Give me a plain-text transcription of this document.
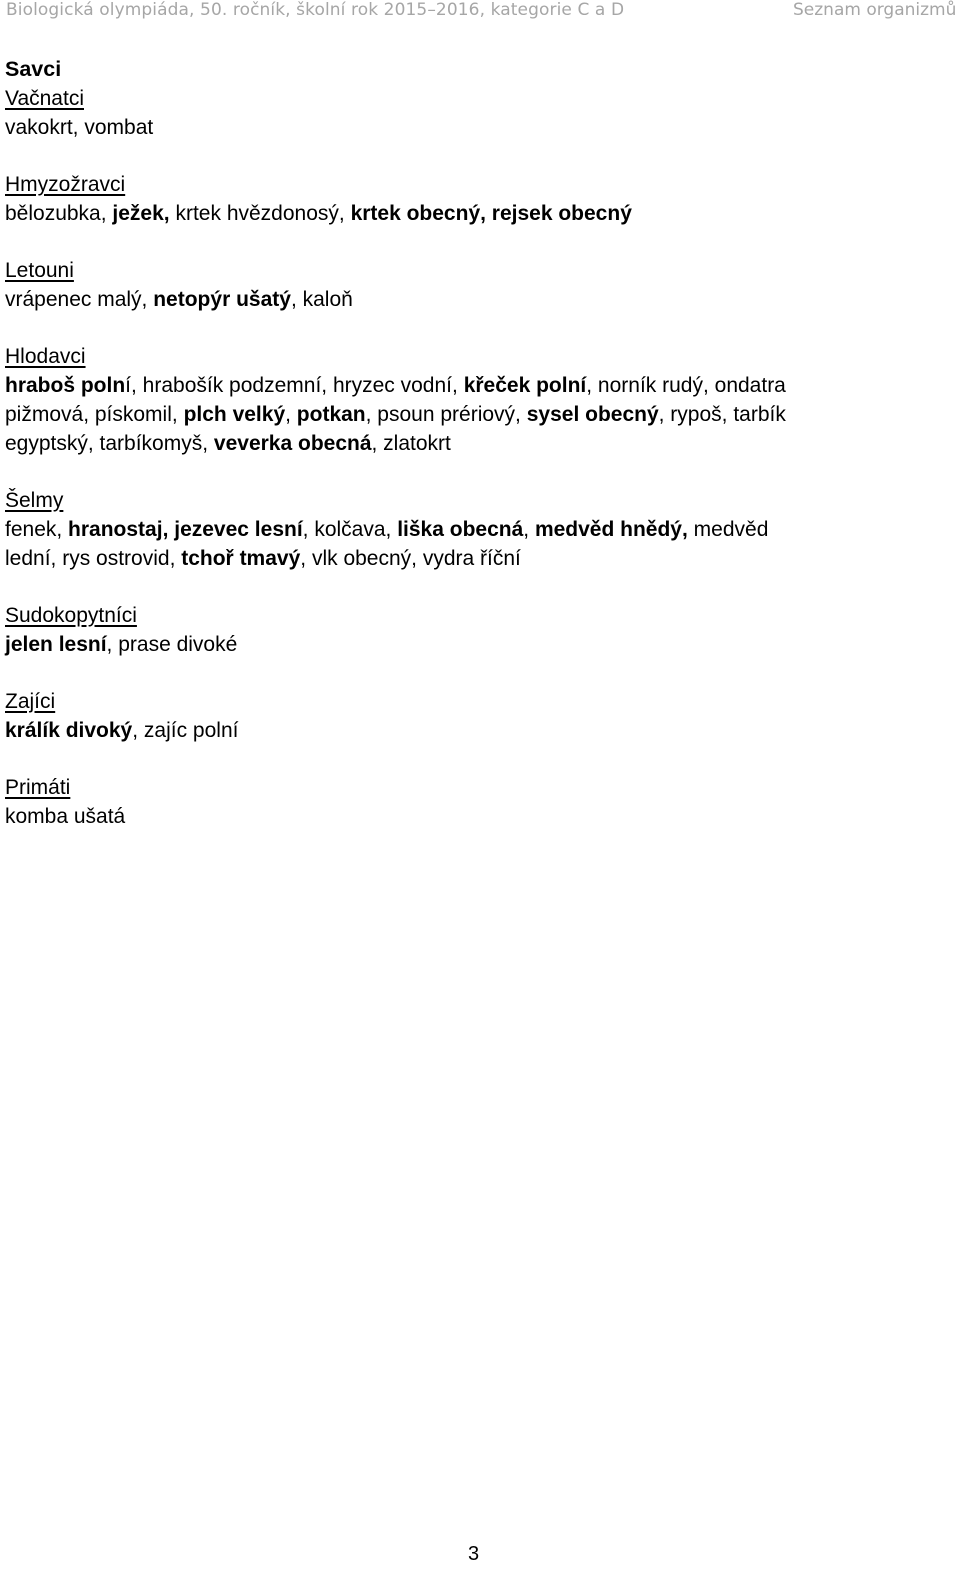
Biologická olympiáda, 50. ročník, školní rok 2015–2016, kategorie C a D	Seznam organizmů
Savci
Vačnatci
vakokrt, vombat
Hmyzožravci
bělozubka, ježek, krtek hvězdonosý, krtek obecný, rejsek obecný
Letouni
vrápenec malý, netopýr ušatý, kaloň
Hlodavci
hraboš polní, hrabošík podzemní, hryzec vodní, křeček polní, norník rudý, ondatra
pižmová, pískomil, plch velký, potkan, psoun prériový, sysel obecný, rypoš, tarbík
egyptský, tarbíkomyš, veverka obecná, zlatokrt
Šelmy
fenek, hranostaj, jezevec lesní, kolčava, liška obecná, medvěd hnědý, medvěd
lední, rys ostrovid, tchoř tmavý, vlk obecný, vydra říční
Sudokopytníci
jelen lesní, prase divoké
Zajíci
králík divoký, zajíc polní
Primáti
komba ušatá
3
